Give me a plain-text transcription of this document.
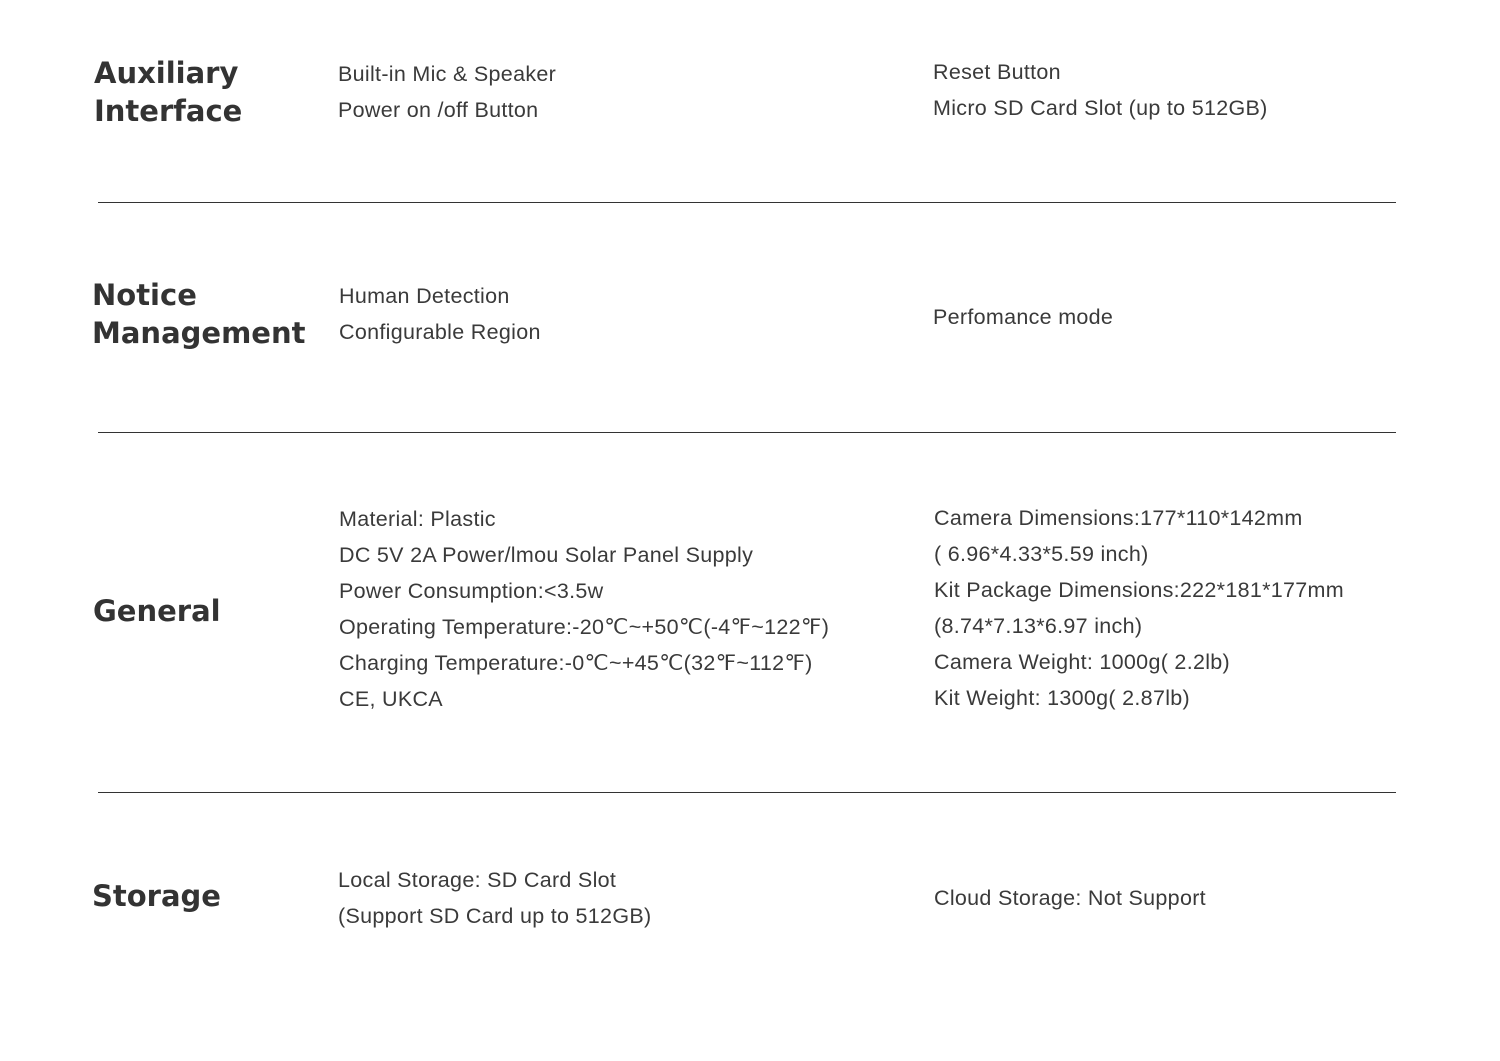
Auxiliary
Interface
Built-in Mic & Speaker
Power on /off Button
Reset Button
Micro SD Card Slot (up to 512GB)
Notice
Management
Human Detection
Configurable Region
Perfomance mode
General
Material: Plastic
DC 5V 2A Power/lmou Solar Panel Supply
Power Consumption:<3.5w
Operating Temperature:-20℃~+50℃(-4℉~122℉)
Charging Temperature:-0℃~+45℃(32℉~112℉)
CE, UKCA
Camera Dimensions:177*110*142mm
( 6.96*4.33*5.59 inch)
Kit Package Dimensions:222*181*177mm
(8.74*7.13*6.97 inch)
Camera Weight: 1000g( 2.2lb)
Kit Weight: 1300g( 2.87lb)
Storage	Local Storage: SD Card Slot
(Support SD Card up to 512GB)
Cloud Storage: Not Support
